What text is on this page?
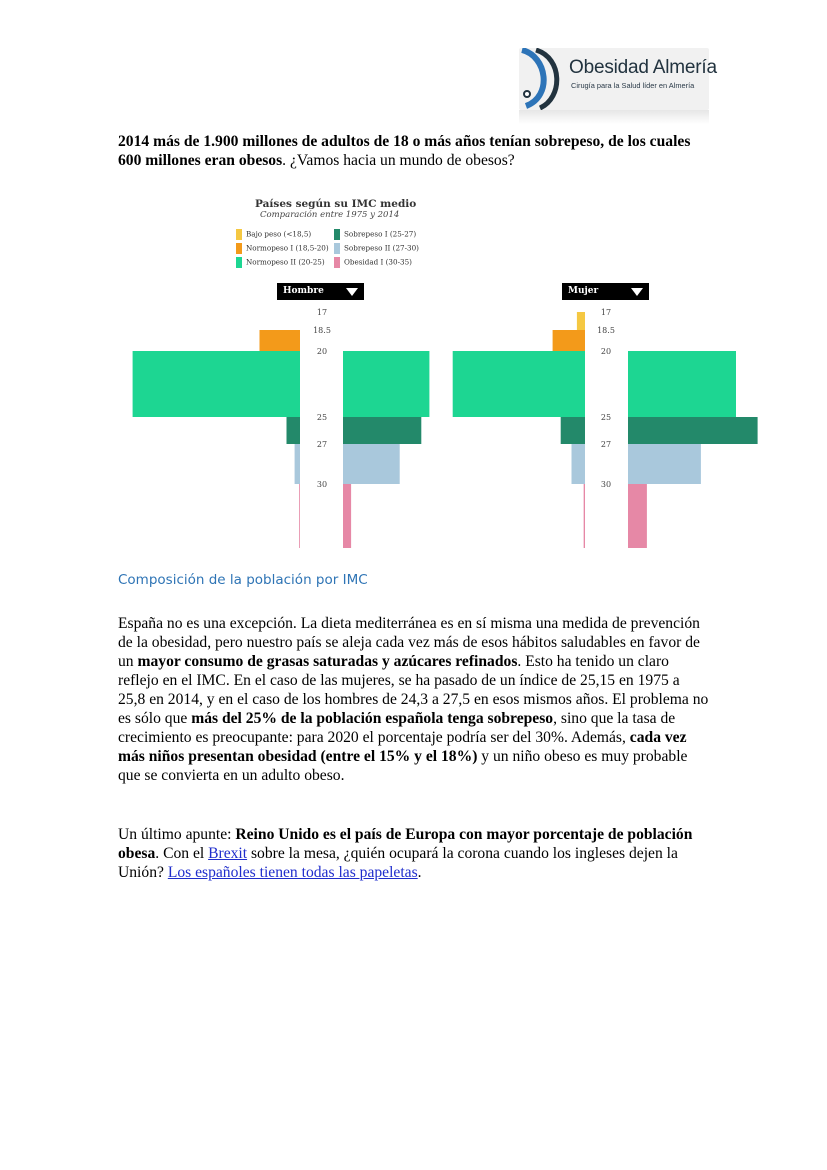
Obesidad Almería
Cirugía para la Salud líder en Almería

2014 más de 1.900 millones de adultos de 18 o más años tenían sobrepeso, de los cuales 600 millones eran obesos. ¿Vamos hacia un mundo de obesos?

Países según su IMC medio
Comparación entre 1975 y 2014
Bajo peso (<18,5)
Normopeso I (18,5-20)
Normopeso II (20-25)
Sobrepeso I (25-27)
Sobrepeso II (27-30)
Obesidad I (30-35)
Hombre	Mujer
17
18.5
20
25
27
30
17
18.5
20
25
27
30
Composición de la población por IMC

España no es una excepción. La dieta mediterránea es en sí misma una medida de prevención de la obesidad, pero nuestro país se aleja cada vez más de esos hábitos saludables en favor de un mayor consumo de grasas saturadas y azúcares refinados. Esto ha tenido un claro reflejo en el IMC. En el caso de las mujeres, se ha pasado de un índice de 25,15 en 1975 a 25,8 en 2014, y en el caso de los hombres de 24,3 a 27,5 en esos mismos años. El problema no es sólo que más del 25% de la población española tenga sobrepeso, sino que la tasa de crecimiento es preocupante: para 2020 el porcentaje podría ser del 30%. Además, cada vez más niños presentan obesidad (entre el 15% y el 18%) y un niño obeso es muy probable que se convierta en un adulto obeso.

Un último apunte: Reino Unido es el país de Europa con mayor porcentaje de población obesa. Con el Brexit sobre la mesa, ¿quién ocupará la corona cuando los ingleses dejen la Unión? Los españoles tienen todas las papeletas.
